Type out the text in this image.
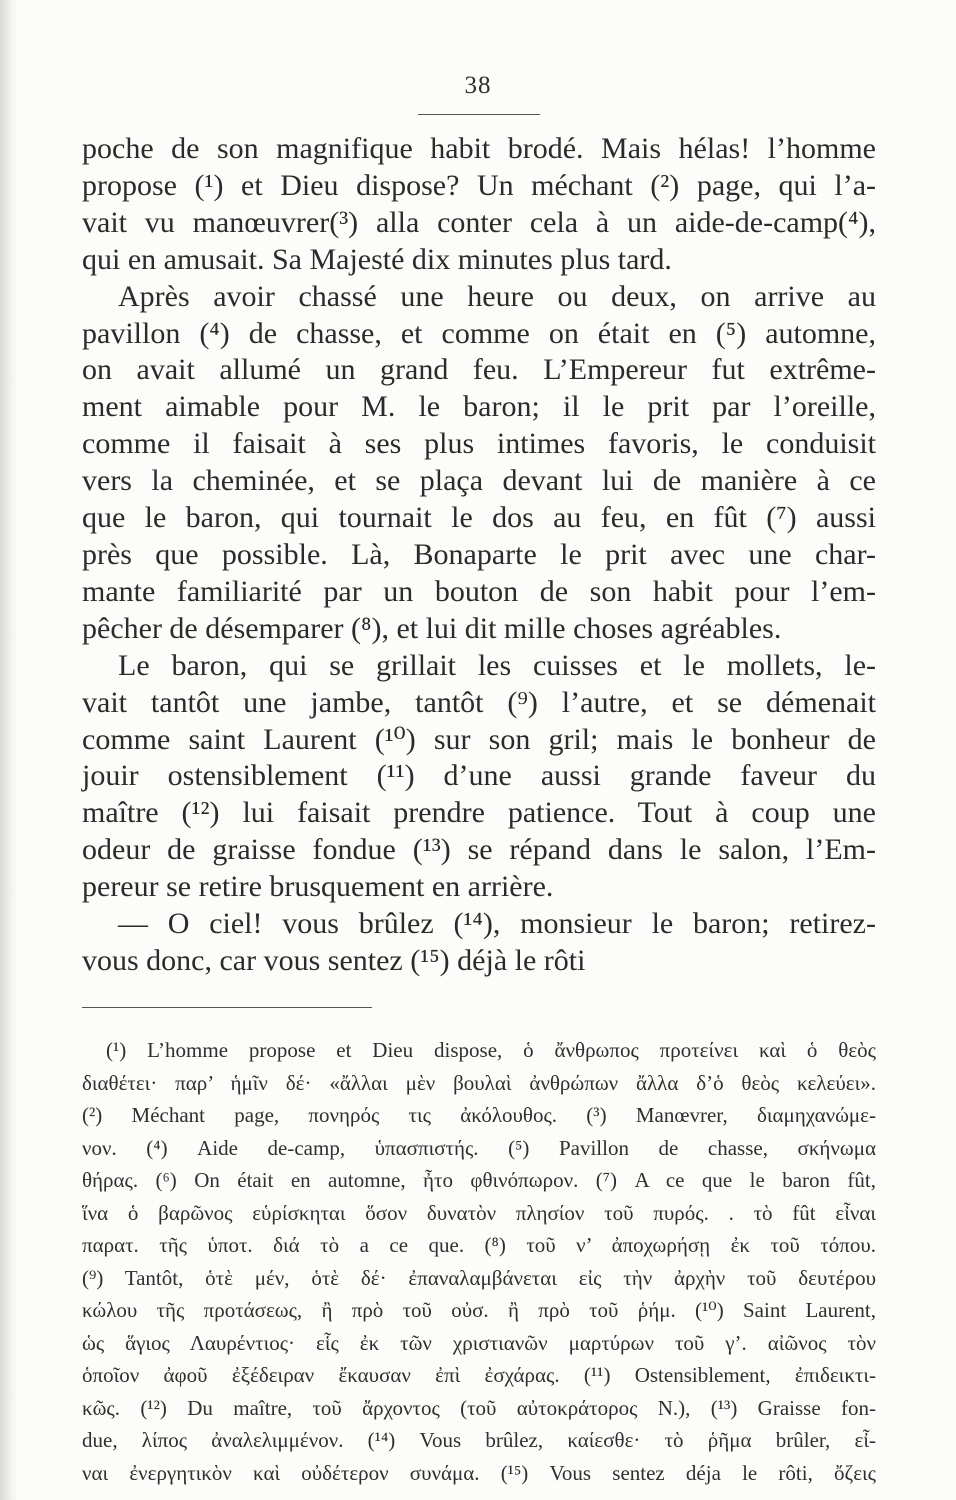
38
poche de son magnifique habit brodé. Mais hélas! l’homme
propose (¹) et Dieu dispose? Un méchant (²) page, qui l’a-
vait vu manœuvrer(³) alla conter cela à un aide-de-camp(⁴),
qui en amusait. Sa Majesté dix minutes plus tard.
Après avoir chassé une heure ou deux, on arrive au
pavillon (⁴) de chasse, et comme on était en (⁵) automne,
on avait allumé un grand feu. L’Empereur fut extrême-
ment aimable pour M. le baron; il le prit par l’oreille,
comme il faisait à ses plus intimes favoris, le conduisit
vers la cheminée, et se plaça devant lui de manière à ce
que le baron, qui tournait le dos au feu, en fût (⁷) aussi
près que possible. Là, Bonaparte le prit avec une char-
mante familiarité par un bouton de son habit pour l’em-
pêcher de désemparer (⁸), et lui dit mille choses agréables.
Le baron, qui se grillait les cuisses et le mollets, le-
vait tantôt une jambe, tantôt (⁹) l’autre, et se démenait
comme saint Laurent (¹⁰) sur son gril; mais le bonheur de
jouir ostensiblement (¹¹) d’une aussi grande faveur du
maître (¹²) lui faisait prendre patience. Tout à coup une
odeur de graisse fondue (¹³) se répand dans le salon, l’Em-
pereur se retire brusquement en arrière.
— O ciel! vous brûlez (¹⁴), monsieur le baron; retirez-
vous donc, car vous sentez (¹⁵) déjà le rôti
(¹) L’homme propose et Dieu dispose, ὁ ἄνθρωπος προτείνει καὶ ὁ θεὸς
διαθέτει· παρ’ ἡμῖν δέ· «ἄλλαι μὲν βουλαὶ ἀνθρώπων ἄλλα δ’ὁ θεὸς κελεύει».
(²) Méchant page, πονηρός τις ἀκόλουθος. (³) Manœvrer, διαμηχανώμε-
νον. (⁴) Aide de-camp, ὑπασπιστής. (⁵) Pavillon de chasse, σκήνωμα
θήρας. (⁶) On était en automne, ἦτο φθινόπωρον. (⁷) A ce que le baron fût,
ἵνα ὁ βαρῶνος εὑρίσκηται ὅσον δυνατὸν πλησίον τοῦ πυρός. . τὸ fût εἶναι
παρατ. τῆς ὑποτ. διά τὸ a ce que. (⁸) τοῦ ν’ ἀποχωρήσῃ ἐκ τοῦ τόπου.
(⁹) Tantôt, ὁτὲ μέν, ὁτὲ δέ· ἐπαναλαμβάνεται εἰς τὴν ἀρχὴν τοῦ δευτέρου
κώλου τῆς προτάσεως, ἢ πρὸ τοῦ οὐσ. ἢ πρὸ τοῦ ῥήμ. (¹⁰) Saint Laurent,
ὡς ἅγιος Λαυρέντιος· εἷς ἐκ τῶν χριστιανῶν μαρτύρων τοῦ γ’. αἰῶνος τὸν
ὁποῖον ἀφοῦ ἐξέδειραν ἔκαυσαν ἐπὶ ἐσχάρας. (¹¹) Ostensiblement, ἐπιδεικτι-
κῶς. (¹²) Du maître, τοῦ ἄρχοντος (τοῦ αὐτοκράτορος N.), (¹³) Graisse fon-
due, λίπος ἀναλελιμμένον. (¹⁴) Vous brûlez, καίεσθε· τὸ ῥῆμα brûler, εἶ-
ναι ἐνεργητικὸν καὶ οὐδέτερον συνάμα. (¹⁵) Vous sentez déja le rôti, ὄζεις
